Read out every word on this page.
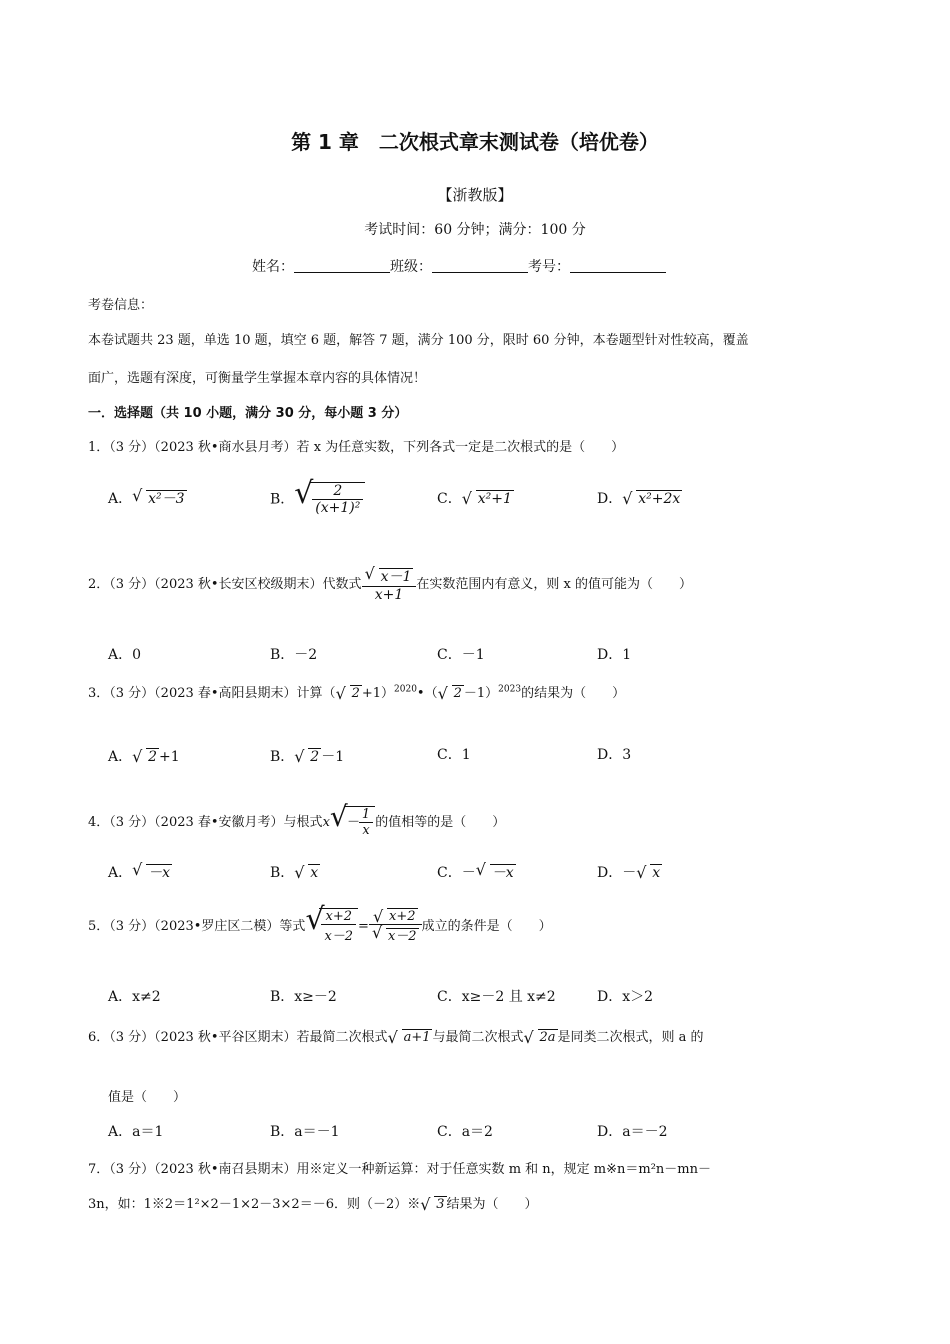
第 1 章　二次根式章末测试卷（培优卷）
【浙教版】
考试时间：60 分钟；满分：100 分
姓名：	班级：	考号：
考卷信息：
本卷试题共 23 题，单选 10 题，填空 6 题，解答 7 题，满分 100 分，限时 60 分钟，本卷题型针对性较高，覆盖
面广，选题有深度，可衡量学生掌握本章内容的具体情况！
一．选择题（共 10 小题，满分 30 分，每小题 3 分）
1．（3 分）（2023 秋•商水县月考）若 x 为任意实数，下列各式一定是二次根式的是（　　）
A． √ x²－3	B． √
$\frac{2}{\text{(x+1)²}}$	C． √ x²+1	D． √ x²+2x
2．（3 分）（2023 秋•长安区校级期末）代数式 $\frac{√ x-1}{x+1}$ 在实数范围内有意义，则 x 的值可能为（　　）
A．0	B．－2	C．－1	D．1
3．（3 分）（2023 春•高阳县期末）计算（ √ 2 +1）$^{2020}$•（ √ 2 －1）$^{2023}$的结果为（　　）
A． √ 2 +1	B． √ 2 －1	C．1	D．3
4．（3 分）（2023 春•安徽月考）与根式x √
－ $\frac{1}{x}$ 的值相等的是（　　）
A． √ －x	B． √ x	C．－ √ －x	D．－ √ x
5．（3 分）（2023•罗庄区二模）等式 √
$\frac{x+2}{x-2} = \frac{√ x+2}{√ x-2}$ 成立的条件是（　　）
A．x≠2	B．x≥－2	C．x≥－2 且 x≠2	D．x＞2
6．（3 分）（2023 秋•平谷区期末）若最简二次根式 √ a+1 与最简二次根式 √ 2a 是同类二次根式，则 a 的
值是（　　）
A．a＝1	B．a＝－1	C．a＝2	D．a＝－2
7．（3 分）（2023 秋•南召县期末）用※定义一种新运算：对于任意实数 m 和 n，规定 m※n＝m²n－mn－
3n，如：1※2＝1²×2－1×2－3×2＝－6．则（－2）※ √ 3 结果为（　　）
